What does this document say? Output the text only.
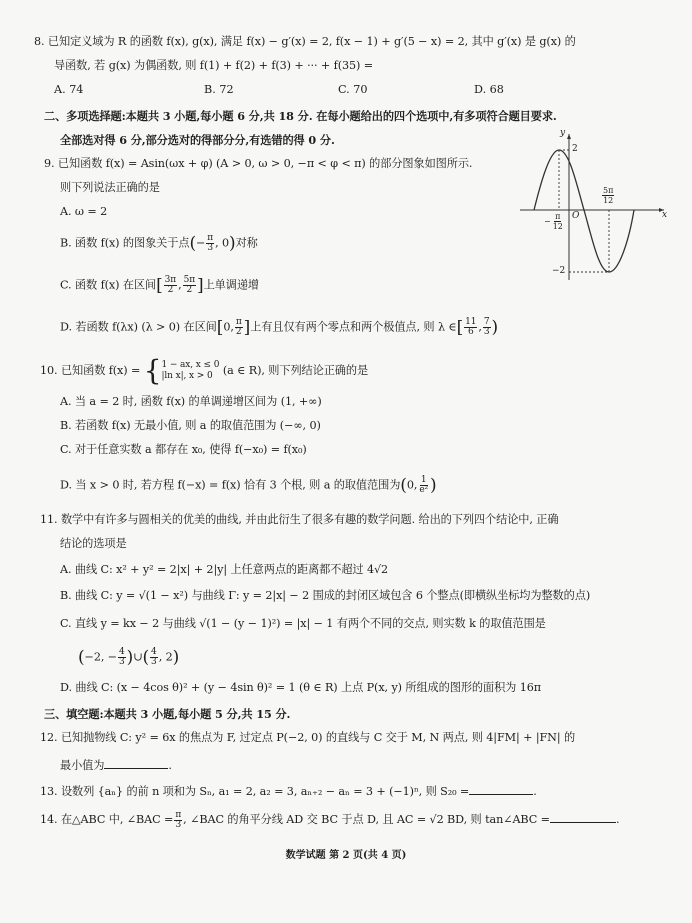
8. 已知定义域为 R 的函数 f(x), g(x), 满足 f(x) − g′(x) = 2, f(x − 1) + g′(5 − x) = 2, 其中 g′(x) 是 g(x) 的
导函数, 若 g(x) 为偶函数, 则 f(1) + f(2) + f(3) + ··· + f(35) =
A. 74	B. 72	C. 70	D. 68
二、多项选择题:本题共 3 小题,每小题 6 分,共 18 分. 在每小题给出的四个选项中,有多项符合题目要求.
全部选对得 6 分,部分选对的得部分分,有选错的得 0 分.
9. 已知函数 f(x) = Asin(ωx + φ) (A > 0, ω > 0, −π < φ < π) 的部分图象如图所示.
则下列说法正确的是
A. ω = 2
B. 函数 f(x) 的图象关于点(− $\frac{\pi}{3}$ , 0)对称
C. 函数 f(x) 在区间[ $\frac{3\pi}{2}$ , $\frac{5\pi}{2}$ ]上单调递增
D. 若函数 f(λx) (λ > 0) 在区间[0, $\frac{\pi}{2}$ ]上有且仅有两个零点和两个极值点, 则 λ ∈[ $\frac{11}{6}$ , $\frac{7}{3}$ )
y
x
O
2
−2
− $\frac{\pi}{12}$
$\frac{5\pi}{12}$
10. 已知函数 f(x) = { 1 − ax, x ≤ 0
|ln x|, x > 0 (a ∈ R), 则下列结论正确的是
A. 当 a = 2 时, 函数 f(x) 的单调递增区间为 (1, +∞)
B. 若函数 f(x) 无最小值, 则 a 的取值范围为 (−∞, 0)
C. 对于任意实数 a 都存在 x₀, 使得 f(−x₀) = f(x₀)
D. 当 x > 0 时, 若方程 f(−x) = f(x) 恰有 3 个根, 则 a 的取值范围为(0, $\frac{1}{\text{e²}}$ )
11. 数学中有许多与圆相关的优美的曲线, 并由此衍生了很多有趣的数学问题. 给出的下列四个结论中, 正确
结论的选项是
A. 曲线 C: x² + y² = 2|x| + 2|y| 上任意两点的距离都不超过 4√2
B. 曲线 C: y = √(1 − x²) 与曲线 Γ: y = 2|x| − 2 围成的封闭区域包含 6 个整点(即横纵坐标均为整数的点)
C. 直线 y = kx − 2 与曲线 √(1 − (y − 1)²) = |x| − 1 有两个不同的交点, 则实数 k 的取值范围是
(−2, − $\frac{4}{3}$ )∪( $\frac{4}{3}$ , 2)
D. 曲线 C: (x − 4cos θ)² + (y − 4sin θ)² = 1 (θ ∈ R) 上点 P(x, y) 所组成的图形的面积为 16π
三、填空题:本题共 3 小题,每小题 5 分,共 15 分.
12. 已知抛物线 C: y² = 6x 的焦点为 F, 过定点 P(−2, 0) 的直线与 C 交于 M, N 两点, 则 4|FM| + |FN| 的
最小值为	.
13. 设数列 {aₙ} 的前 n 项和为 Sₙ, a₁ = 2, a₂ = 3, aₙ₊₂ − aₙ = 3 + (−1)ⁿ, 则 S₂₀ =	.
14. 在△ABC 中, ∠BAC = $\frac{\pi}{3}$ , ∠BAC 的角平分线 AD 交 BC 于点 D, 且 AC = √2 BD, 则 tan∠ABC =	.
数学试题 第 2 页(共 4 页)
